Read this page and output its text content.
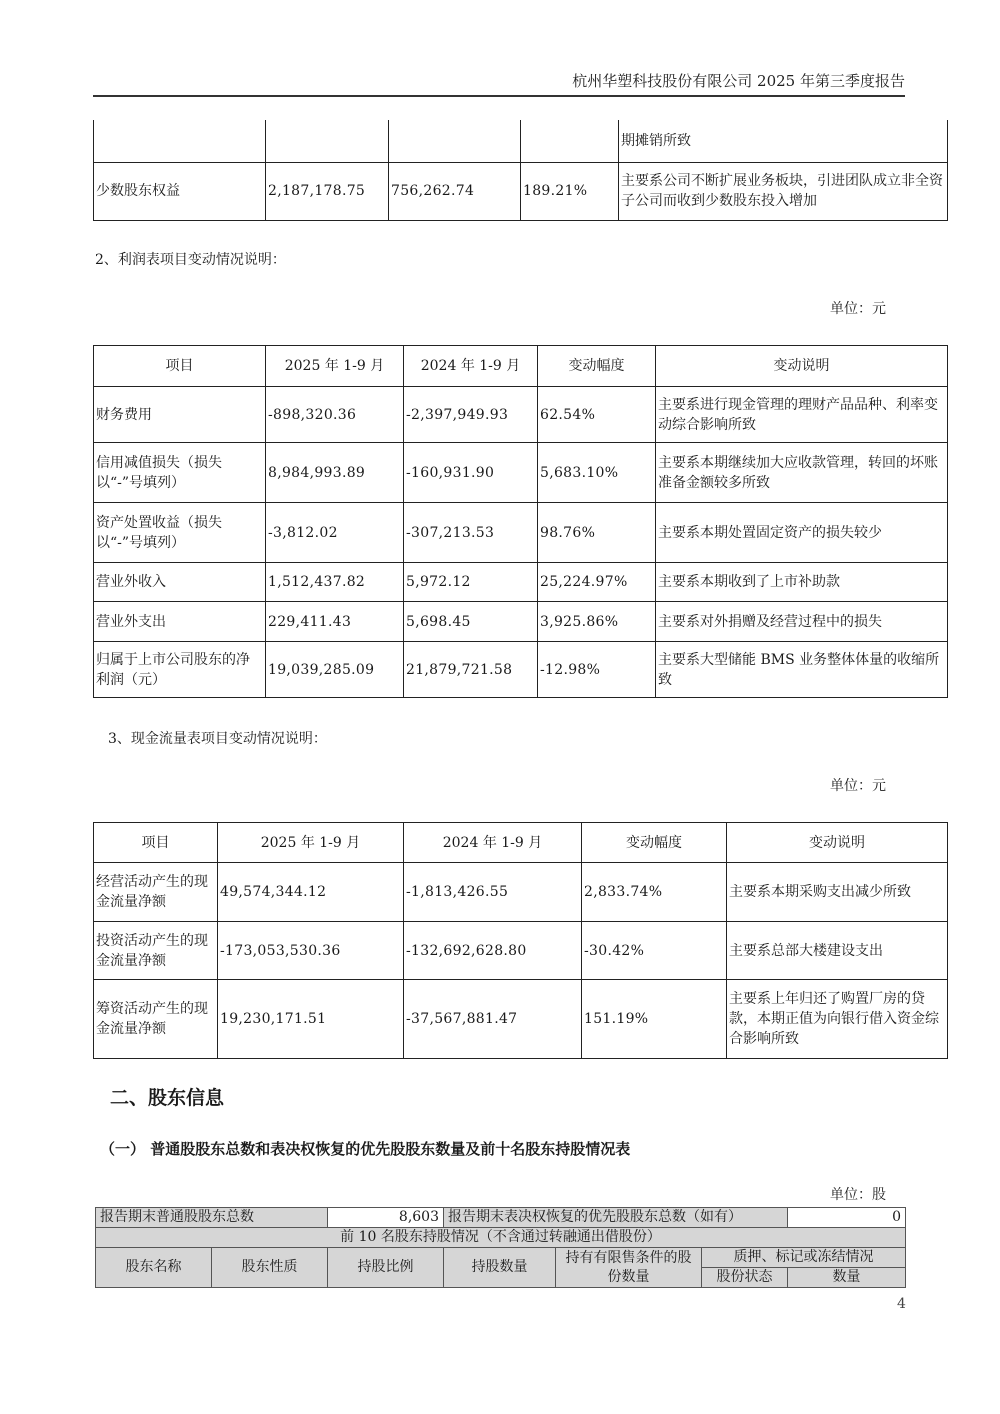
杭州华塑科技股份有限公司 2025 年第三季度报告
				期摊销所致
少数股东权益	2,187,178.75	756,262.74	189.21%	主要系公司不断扩展业务板块，引进团队成立非全资子公司而收到少数股东投入增加
2、利润表项目变动情况说明：
单位：元
项目	2025 年 1-9 月	2024 年 1-9 月	变动幅度	变动说明
财务费用	-898,320.36	-2,397,949.93	62.54%	主要系进行现金管理的理财产品品种、利率变动综合影响所致
信用减值损失（损失以“-”号填列）	8,984,993.89	-160,931.90	5,683.10%	主要系本期继续加大应收款管理，转回的坏账准备金额较多所致
资产处置收益（损失以“-”号填列）	-3,812.02	-307,213.53	98.76%	主要系本期处置固定资产的损失较少
营业外收入	1,512,437.82	5,972.12	25,224.97%	主要系本期收到了上市补助款
营业外支出	229,411.43	5,698.45	3,925.86%	主要系对外捐赠及经营过程中的损失
归属于上市公司股东的净利润（元）	19,039,285.09	21,879,721.58	-12.98%	主要系大型储能 BMS 业务整体体量的收缩所致
3、现金流量表项目变动情况说明：
单位：元
项目	2025 年 1-9 月	2024 年 1-9 月	变动幅度	变动说明
经营活动产生的现金流量净额	49,574,344.12	-1,813,426.55	2,833.74%	主要系本期采购支出减少所致
投资活动产生的现金流量净额	-173,053,530.36	-132,692,628.80	-30.42%	主要系总部大楼建设支出
筹资活动产生的现金流量净额	19,230,171.51	-37,567,881.47	151.19%	主要系上年归还了购置厂房的贷款，本期正值为向银行借入资金综合影响所致
二、股东信息
（一） 普通股股东总数和表决权恢复的优先股股东数量及前十名股东持股情况表
单位：股
报告期末普通股股东总数		8,603	报告期末表决权恢复的优先股股东总数（如有）			0
前 10 名股东持股情况（不含通过转融通出借股份）						
股东名称	股东性质	持股比例	持股数量	持有有限售条件的股份数量	质押、标记或冻结情况	
					股份状态	数量
4
